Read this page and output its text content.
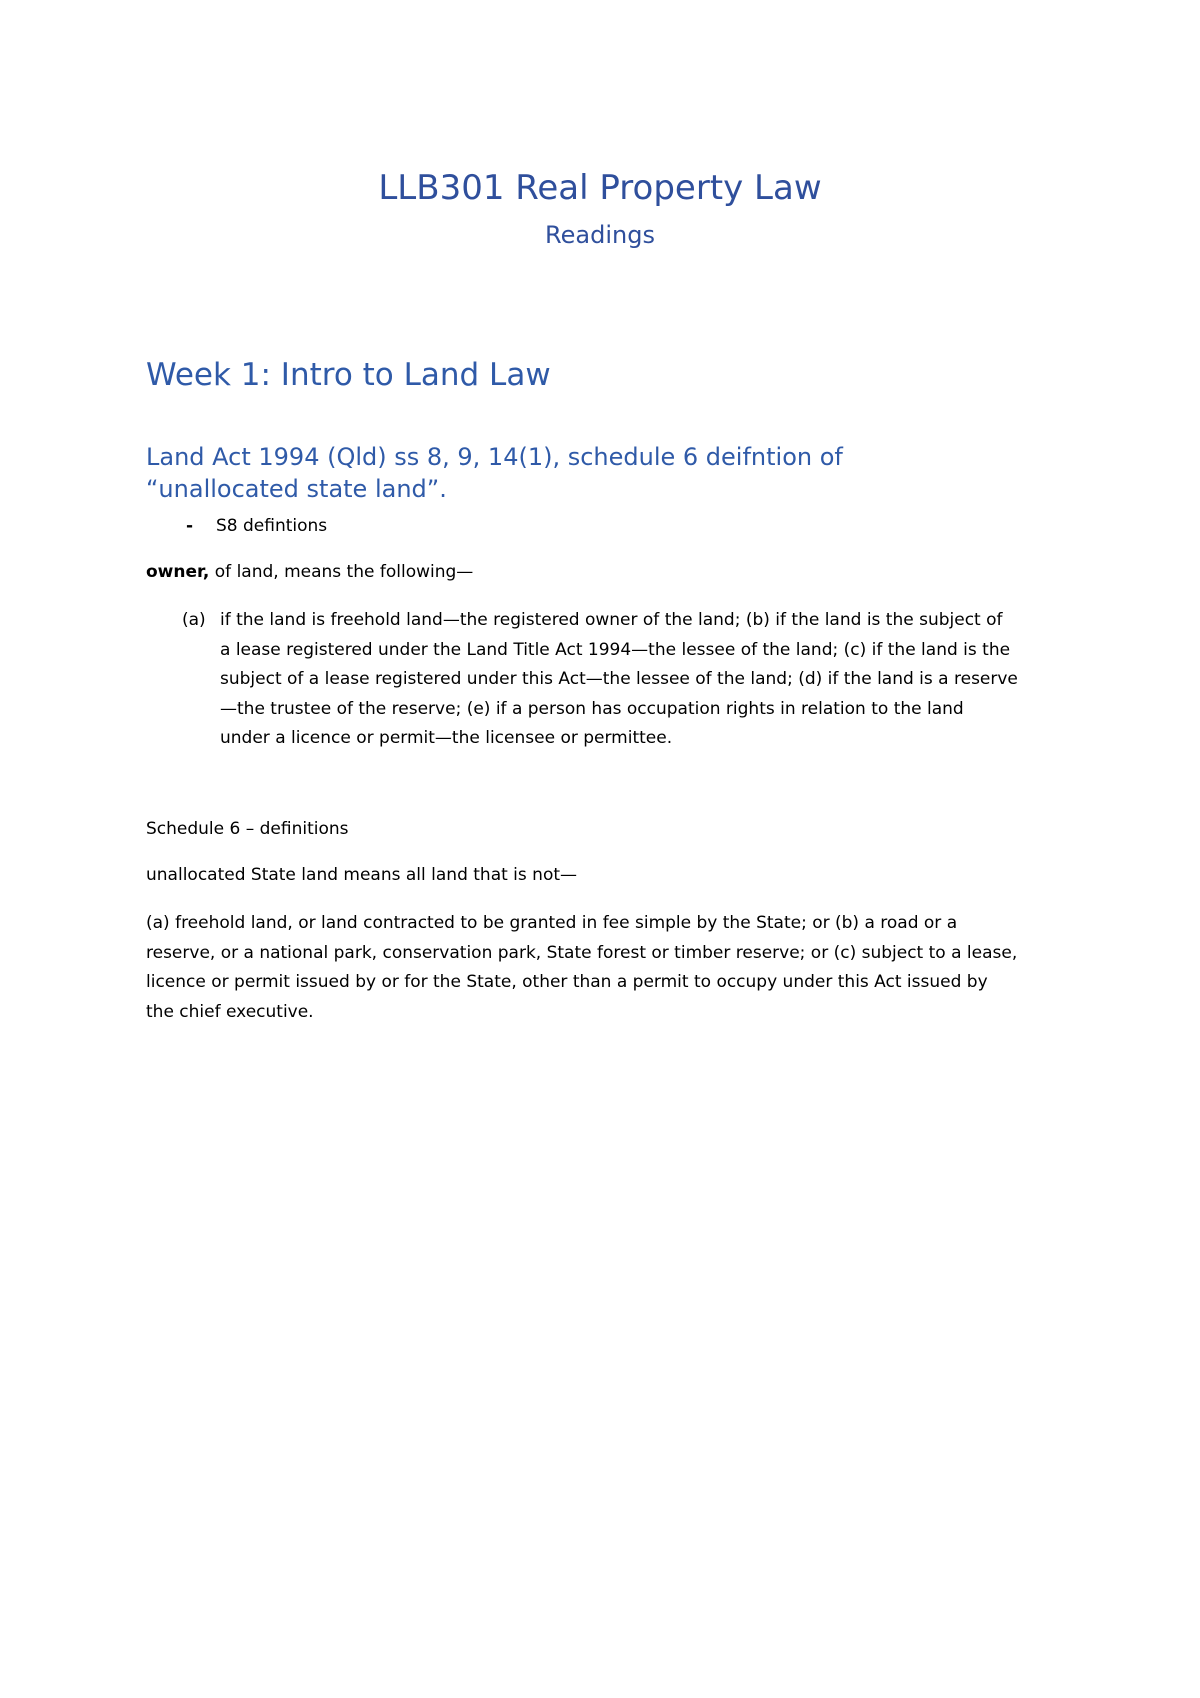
LLB301 Real Property Law
Readings
Week 1: Intro to Land Law
Land Act 1994 (Qld) ss 8, 9, 14(1), schedule 6 deifntion of
“unallocated state land”.
- S8 defintions
owner, of land, means the following—
(a) if the land is freehold land—the registered owner of the land; (b) if the land is the subject of
a lease registered under the Land Title Act 1994—the lessee of the land; (c) if the land is the
subject of a lease registered under this Act—the lessee of the land; (d) if the land is a reserve
—the trustee of the reserve; (e) if a person has occupation rights in relation to the land
under a licence or permit—the licensee or permittee.
Schedule 6 – definitions
unallocated State land means all land that is not—
(a) freehold land, or land contracted to be granted in fee simple by the State; or (b) a road or a
reserve, or a national park, conservation park, State forest or timber reserve; or (c) subject to a lease,
licence or permit issued by or for the State, other than a permit to occupy under this Act issued by
the chief executive.
